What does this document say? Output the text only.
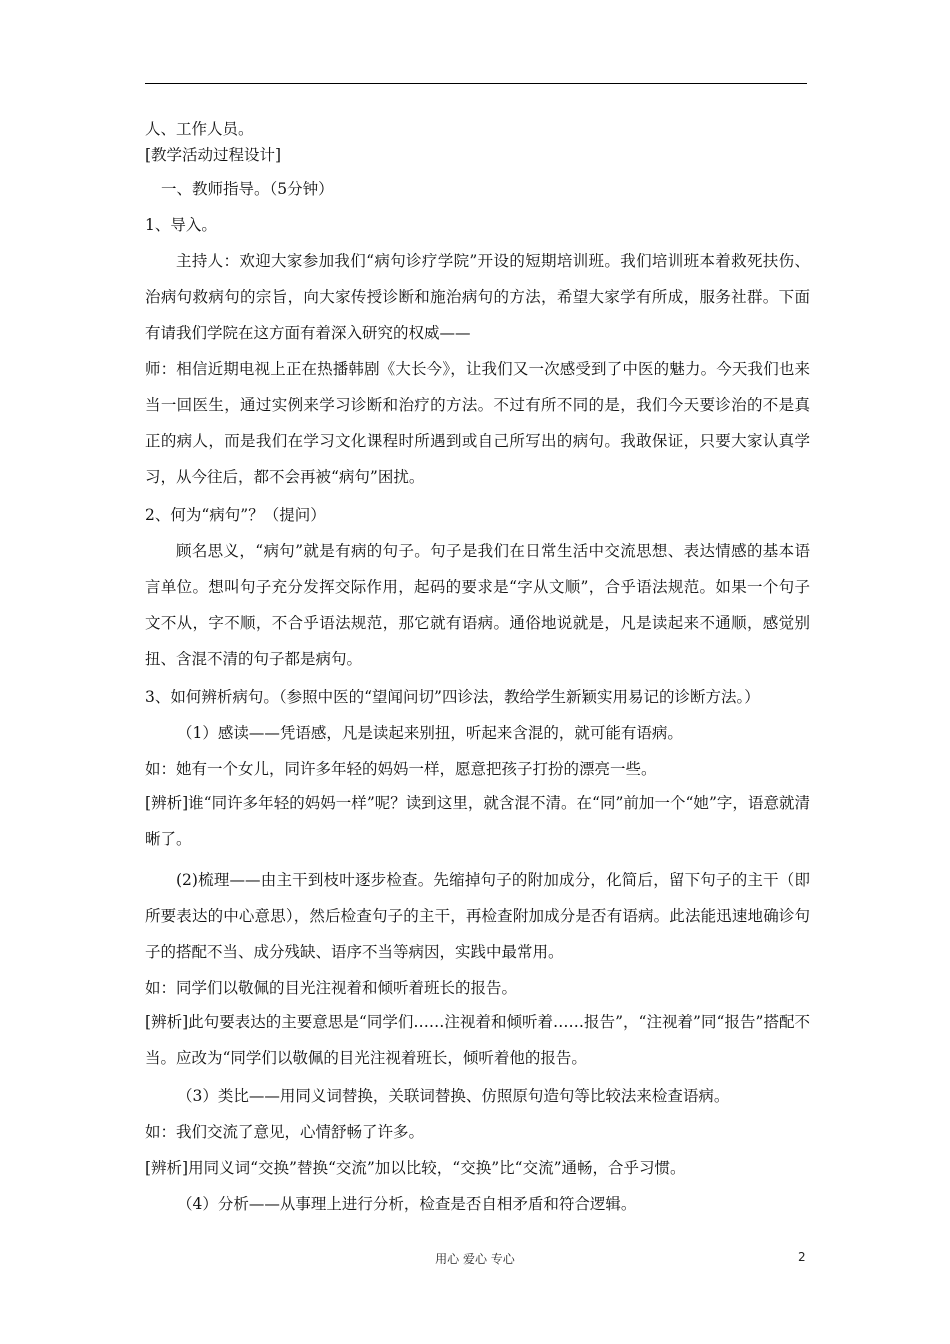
人、工作人员。
[教学活动过程设计]
一、教师指导。（5分钟）
1、导入。
主持人：欢迎大家参加我们“病句诊疗学院”开设的短期培训班。我们培训班本着救死扶伤、治病句救病句的宗旨，向大家传授诊断和施治病句的方法，希望大家学有所成，服务社群。下面有请我们学院在这方面有着深入研究的权威——
师：相信近期电视上正在热播韩剧《大长今》，让我们又一次感受到了中医的魅力。今天我们也来当一回医生，通过实例来学习诊断和治疗的方法。不过有所不同的是，我们今天要诊治的不是真正的病人，而是我们在学习文化课程时所遇到或自己所写出的病句。我敢保证，只要大家认真学习，从今往后，都不会再被“病句”困扰。
2、何为“病句”？（提问）
顾名思义，“病句”就是有病的句子。句子是我们在日常生活中交流思想、表达情感的基本语言单位。想叫句子充分发挥交际作用，起码的要求是“字从文顺”，合乎语法规范。如果一个句子文不从，字不顺，不合乎语法规范，那它就有语病。通俗地说就是，凡是读起来不通顺，感觉别扭、含混不清的句子都是病句。
3、如何辨析病句。（参照中医的“望闻问切”四诊法，教给学生新颖实用易记的诊断方法。）
（1）感读——凭语感，凡是读起来别扭，听起来含混的，就可能有语病。
如：她有一个女儿，同许多年轻的妈妈一样，愿意把孩子打扮的漂亮一些。
[辨析]谁“同许多年轻的妈妈一样”呢？读到这里，就含混不清。在“同”前加一个“她”字，语意就清晰了。
(2)梳理——由主干到枝叶逐步检查。先缩掉句子的附加成分，化简后，留下句子的主干（即所要表达的中心意思），然后检查句子的主干，再检查附加成分是否有语病。此法能迅速地确诊句子的搭配不当、成分残缺、语序不当等病因，实践中最常用。
如：同学们以敬佩的目光注视着和倾听着班长的报告。
[辨析]此句要表达的主要意思是“同学们……注视着和倾听着……报告”，“注视着”同“报告”搭配不当。应改为“同学们以敬佩的目光注视着班长，倾听着他的报告。
（3）类比——用同义词替换，关联词替换、仿照原句造句等比较法来检查语病。
如：我们交流了意见，心情舒畅了许多。
[辨析]用同义词“交换”替换“交流”加以比较，“交换”比“交流”通畅，合乎习惯。
（4）分析——从事理上进行分析，检查是否自相矛盾和符合逻辑。
用心 爱心 专心	2
